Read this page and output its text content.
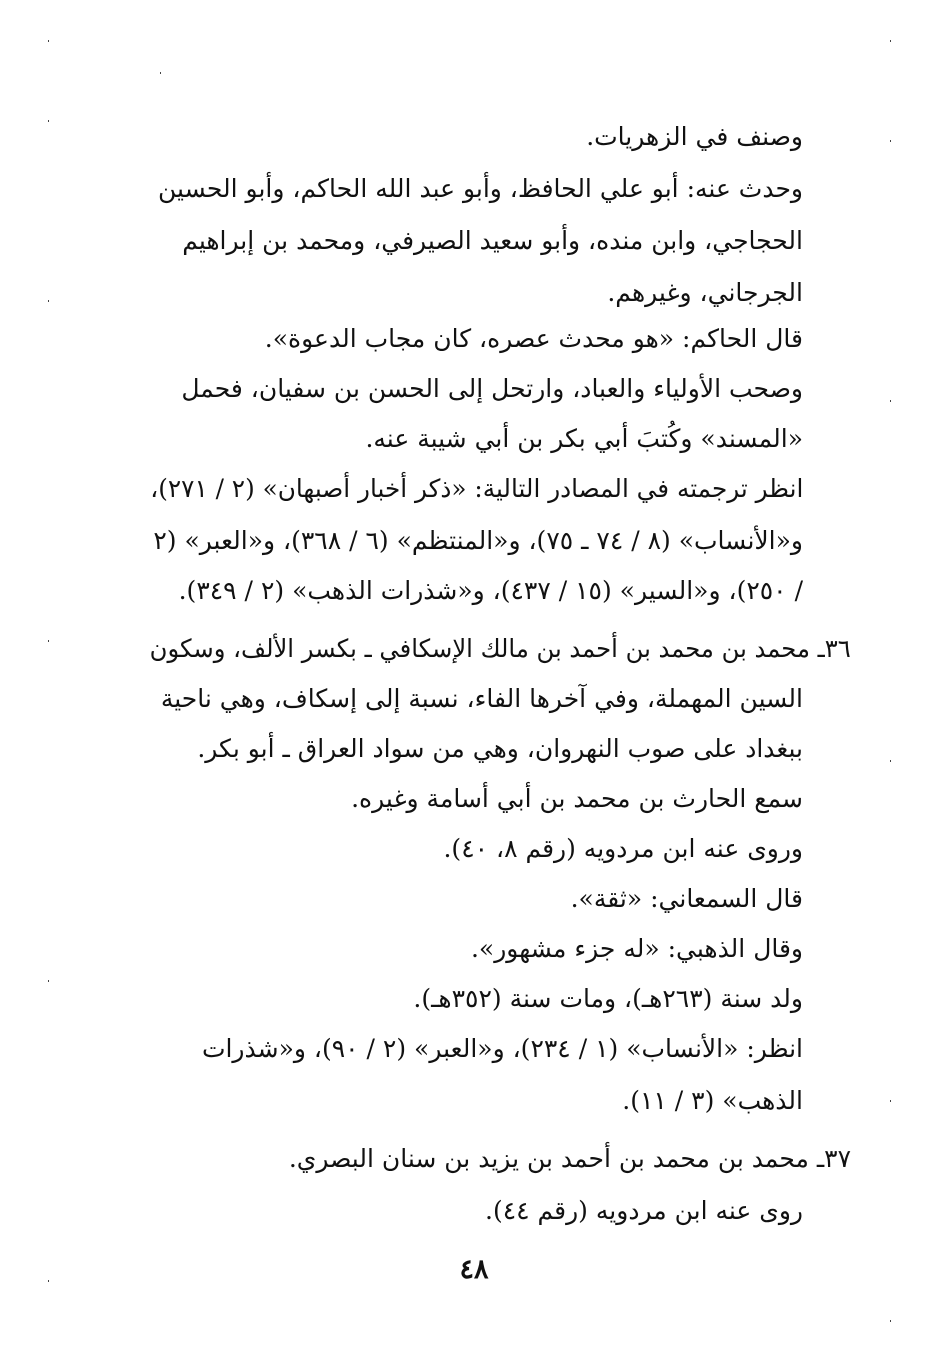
وصنف في الزهريات.
وحدث عنه: أبو علي الحافظ، وأبو عبد الله الحاكم، وأبو الحسين
الحجاجي، وابن منده، وأبو سعيد الصيرفي، ومحمد بن إبراهيم
الجرجاني، وغيرهم.
قال الحاكم: «هو محدث عصره، كان مجاب الدعوة».
وصحب الأولياء والعباد، وارتحل إلى الحسن بن سفيان، فحمل
«المسند» وكُتبَ أبي بكر بن أبي شيبة عنه.
انظر ترجمته في المصادر التالية: «ذكر أخبار أصبهان» (٢ / ٢٧١)،
و«الأنساب» (٨ / ٧٤ ـ ٧٥)، و«المنتظم» (٦ / ٣٦٨)، و«العبر» (٢
/ ٢٥٠)، و«السير» (١٥ / ٤٣٧)، و«شذرات الذهب» (٢ / ٣٤٩).
٣٦ـ محمد بن محمد بن أحمد بن مالك الإسكافي ـ بكسر الألف، وسكون
السين المهملة، وفي آخرها الفاء، نسبة إلى إسكاف، وهي ناحية
ببغداد على صوب النهروان، وهي من سواد العراق ـ أبو بكر.
سمع الحارث بن محمد بن أبي أسامة وغيره.
وروى عنه ابن مردويه (رقم ٨، ٤٠).
قال السمعاني: «ثقة».
وقال الذهبي: «له جزء مشهور».
ولد سنة (٢٦٣هـ)، ومات سنة (٣٥٢هـ).
انظر: «الأنساب» (١ / ٢٣٤)، و«العبر» (٢ / ٩٠)، و«شذرات
الذهب» (٣ / ١١).
٣٧ـ محمد بن محمد بن أحمد بن يزيد بن سنان البصري.
روى عنه ابن مردويه (رقم ٤٤).
٤٨
